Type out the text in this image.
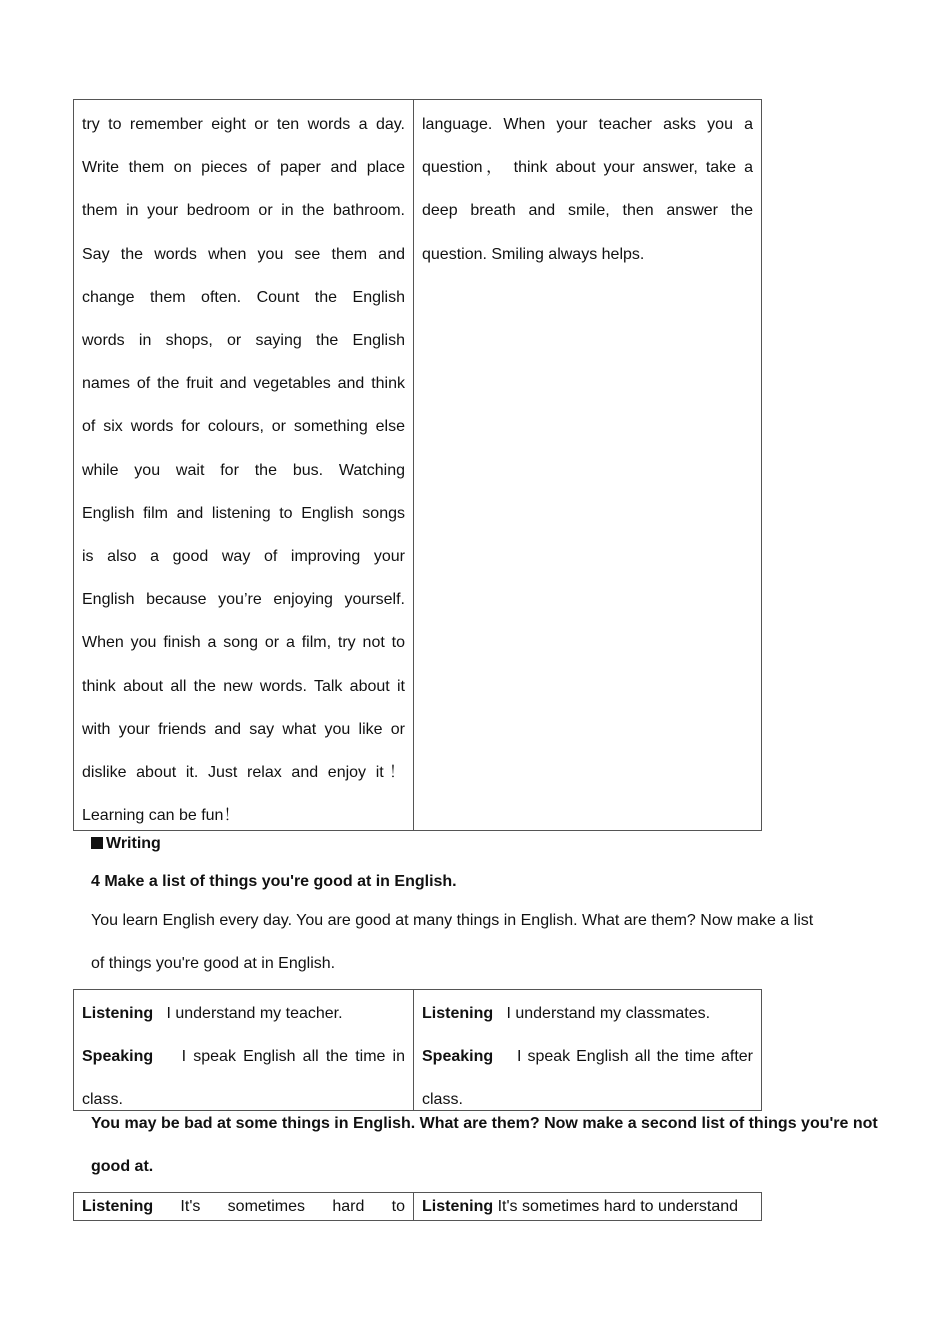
try to remember eight or ten words a day.
Write them on pieces of paper and place
them in your bedroom or in the bathroom.
Say the words when you see them and
change them often. Count the English
words in shops, or saying the English
names of the fruit and vegetables and think
of six words for colours, or something else
while you wait for the bus. Watching
English film and listening to English songs
is also a good way of improving your
English because you’re enjoying yourself.
When you finish a song or a film, try not to
think about all the new words. Talk about it
with your friends and say what you like or
dislike about it. Just relax and enjoy it！
Learning can be fun！
language. When your teacher asks you a
question， think about your answer, take a
deep breath and smile, then answer the
question. Smiling always helps.
Writing
4 Make a list of things you're good at in English.
You learn English every day. You are good at many things in English. What are them? Now make a list
of things you're good at in English.
Listening I understand my teacher.
Speaking I speak English all the time in
class.
Listening I understand my classmates.
Speaking I speak English all the time after
class.
You may be bad at some things in English. What are them? Now make a second list of things you're not
good at.
Listening It's sometimes hard to Listening It's sometimes hard to understand
